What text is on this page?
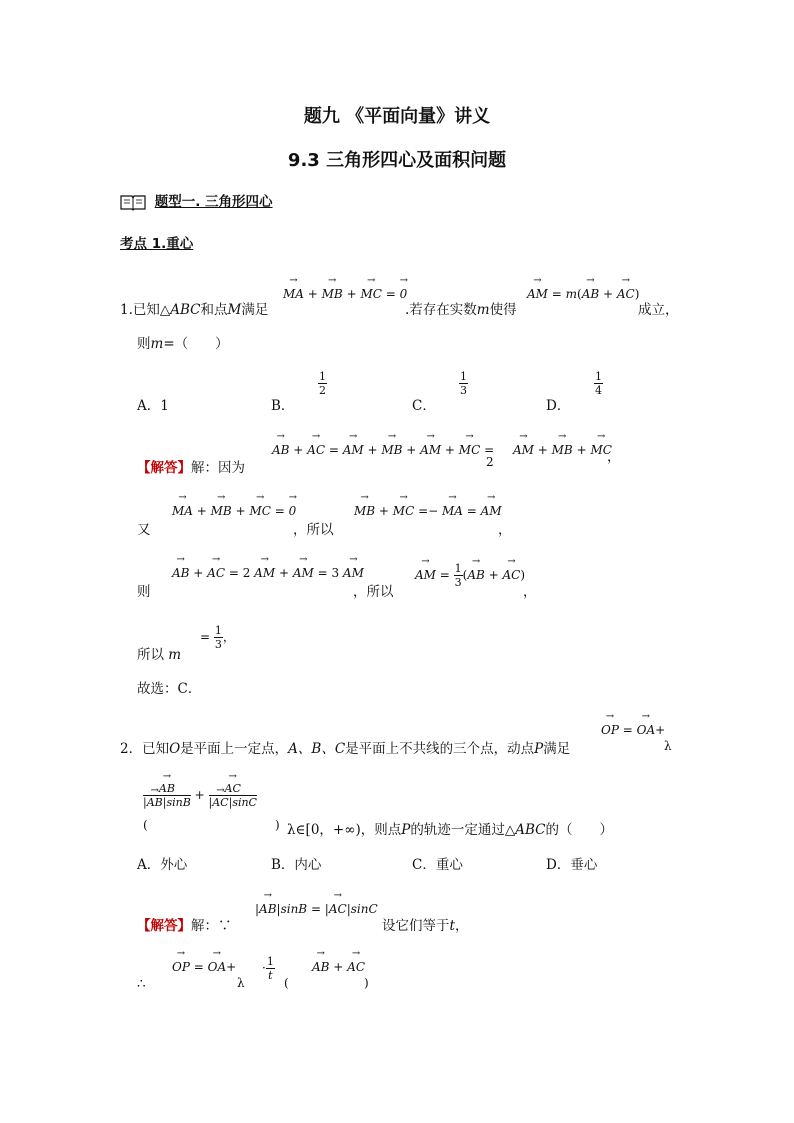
题九 《平面向量》讲义
9.3 三角形四心及面积问题
题型一. 三角形四心
考点 1.重心
1.已知△ABC和点M满足
→ MA + → MB + → MC = → 0
.若存在实数m使得
→ AM = m(→ AB + → AC)
成立，
则m=（　　）
A．1	B．
$\frac{1}{2}$
C．
$\frac{1}{3}$
D．
$\frac{1}{4}$
【解答】解：因为
→ AB + → AC = → AM + → MB + → AM + → MC =
2
→ AM + → MB + → MC
，
又
→ MA + → MB + → MC = → 0
，所以
→ MB + → MC =− → MA = → AM
，
则
→ AB + → AC = 2 → AM + → AM = 3 → AM
，所以
→ AM = $\frac{1}{3}$ (→ AB + → AC)
，
所以 m
= $\frac{1}{3}$ ，
故选：C．
2．已知O是平面上一定点，A、B、C是平面上不共线的三个点，动点P满足
→ OP = → OA+
λ
→ $\frac{AB}{|\to AB|\sin B}$ +
→ $\frac{AC}{|\to AC|\sin C}$
(	) λ∈[0，+∞)，则点P的轨迹一定通过△ABC的（　　）
A．外心	B．内心	C．重心	D．垂心
【解答】解：∵
|→ AB|sinB = |→ AC|sinC
设它们等于t，
∴
→ OP = → OA+
λ
· $\frac{1}{t}$
(
→ AB + → AC
)
